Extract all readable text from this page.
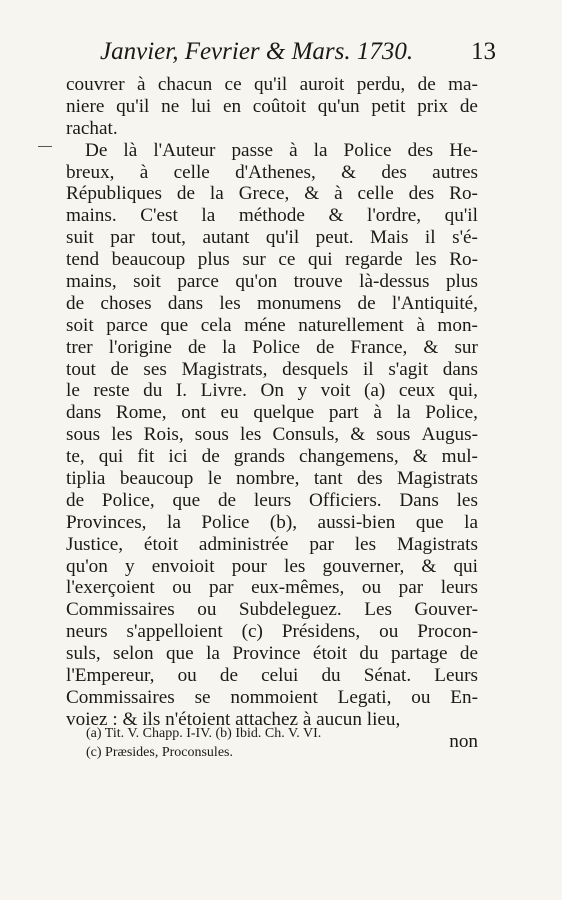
Janvier, Fevrier & Mars. 1730. 13
couvrer à chacun ce qu'il auroit perdu, de ma-
niere qu'il ne lui en coûtoit qu'un petit prix de
rachat.
De là l'Auteur passe à la Police des He-
breux, à celle d'Athenes, & des autres
Républiques de la Grece, & à celle des Ro-
mains. C'est la méthode & l'ordre, qu'il
suit par tout, autant qu'il peut. Mais il s'é-
tend beaucoup plus sur ce qui regarde les Ro-
mains, soit parce qu'on trouve là-dessus plus
de choses dans les monumens de l'Antiquité,
soit parce que cela méne naturellement à mon-
trer l'origine de la Police de France, & sur
tout de ses Magistrats, desquels il s'agit dans
le reste du I. Livre. On y voit (a) ceux qui,
dans Rome, ont eu quelque part à la Police,
sous les Rois, sous les Consuls, & sous Augus-
te, qui fit ici de grands changemens, & mul-
tiplia beaucoup le nombre, tant des Magistrats
de Police, que de leurs Officiers. Dans les
Provinces, la Police (b), aussi-bien que la
Justice, étoit administrée par les Magistrats
qu'on y envoioit pour les gouverner, & qui
l'exerçoient ou par eux-mêmes, ou par leurs
Commissaires ou Subdeleguez. Les Gouver-
neurs s'appelloient (c) Présidens, ou Procon-
suls, selon que la Province étoit du partage de
l'Empereur, ou de celui du Sénat. Leurs
Commissaires se nommoient Legati, ou En-
voiez : & ils n'étoient attachez à aucun lieu,
non
(a) Tit. V. Chapp. I-IV. (b) Ibid. Ch. V. VI.
(c) Præsides, Proconsules.
